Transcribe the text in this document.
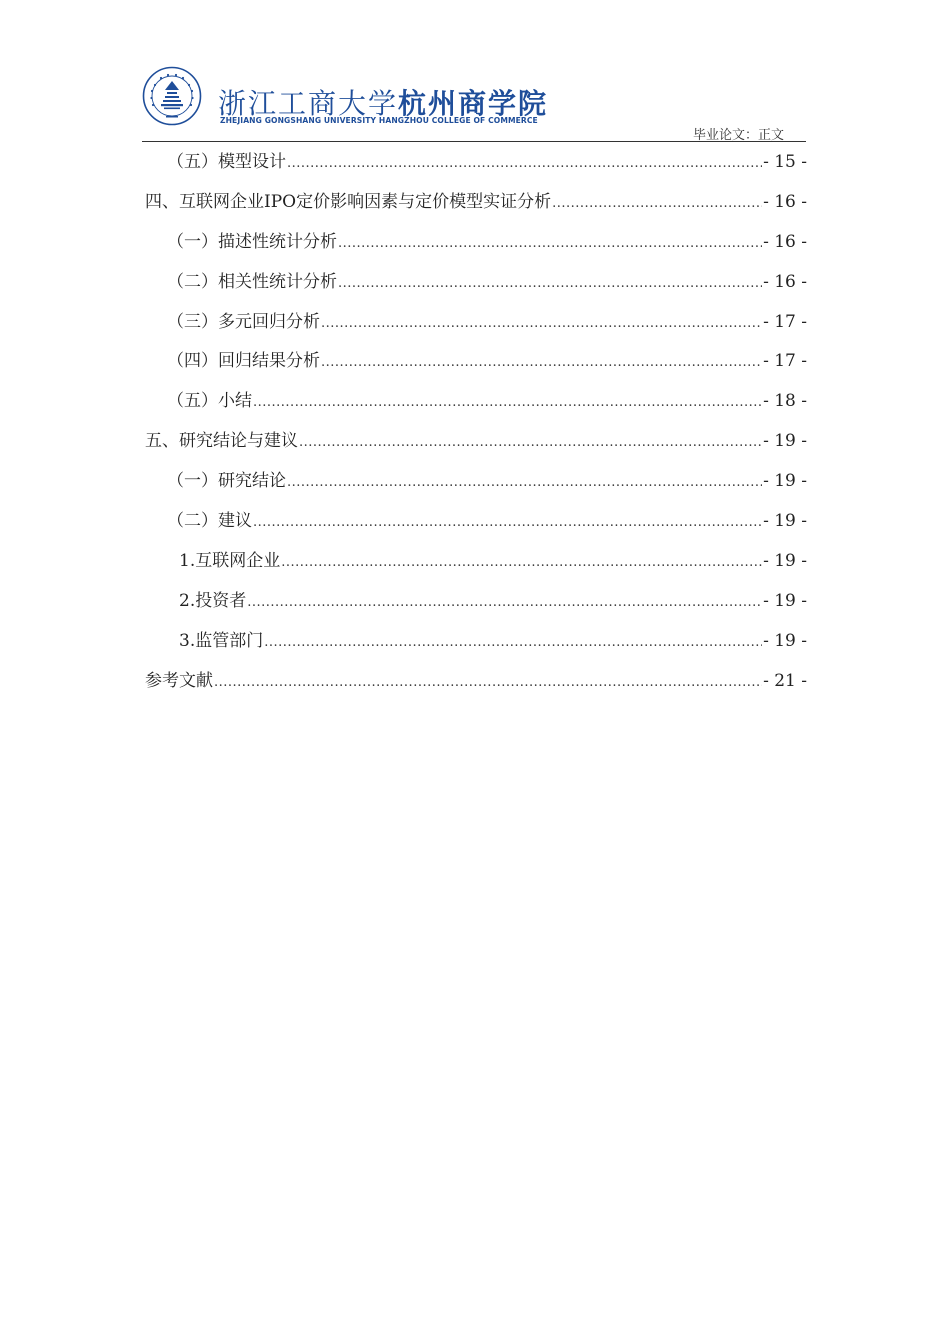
浙江工商大学杭州商学院
ZHEJIANG GONGSHANG UNIVERSITY HANGZHOU COLLEGE OF COMMERCE
毕业论文：正文
（五）模型设计 .....	- 15 -
四、互联网企业IPO定价影响因素与定价模型实证分析 .....	- 16 -
（一）描述性统计分析 .....	- 16 -
（二）相关性统计分析 .....	- 16 -
（三）多元回归分析 .....	- 17 -
（四）回归结果分析 .....	- 17 -
（五）小结 .....	- 18 -
五、研究结论与建议 .....	- 19 -
（一）研究结论 .....	- 19 -
（二）建议 .....	- 19 -
1.互联网企业 .....	- 19 -
2.投资者 .....	- 19 -
3.监管部门 .....	- 19 -
参考文献 .....	- 21 -
